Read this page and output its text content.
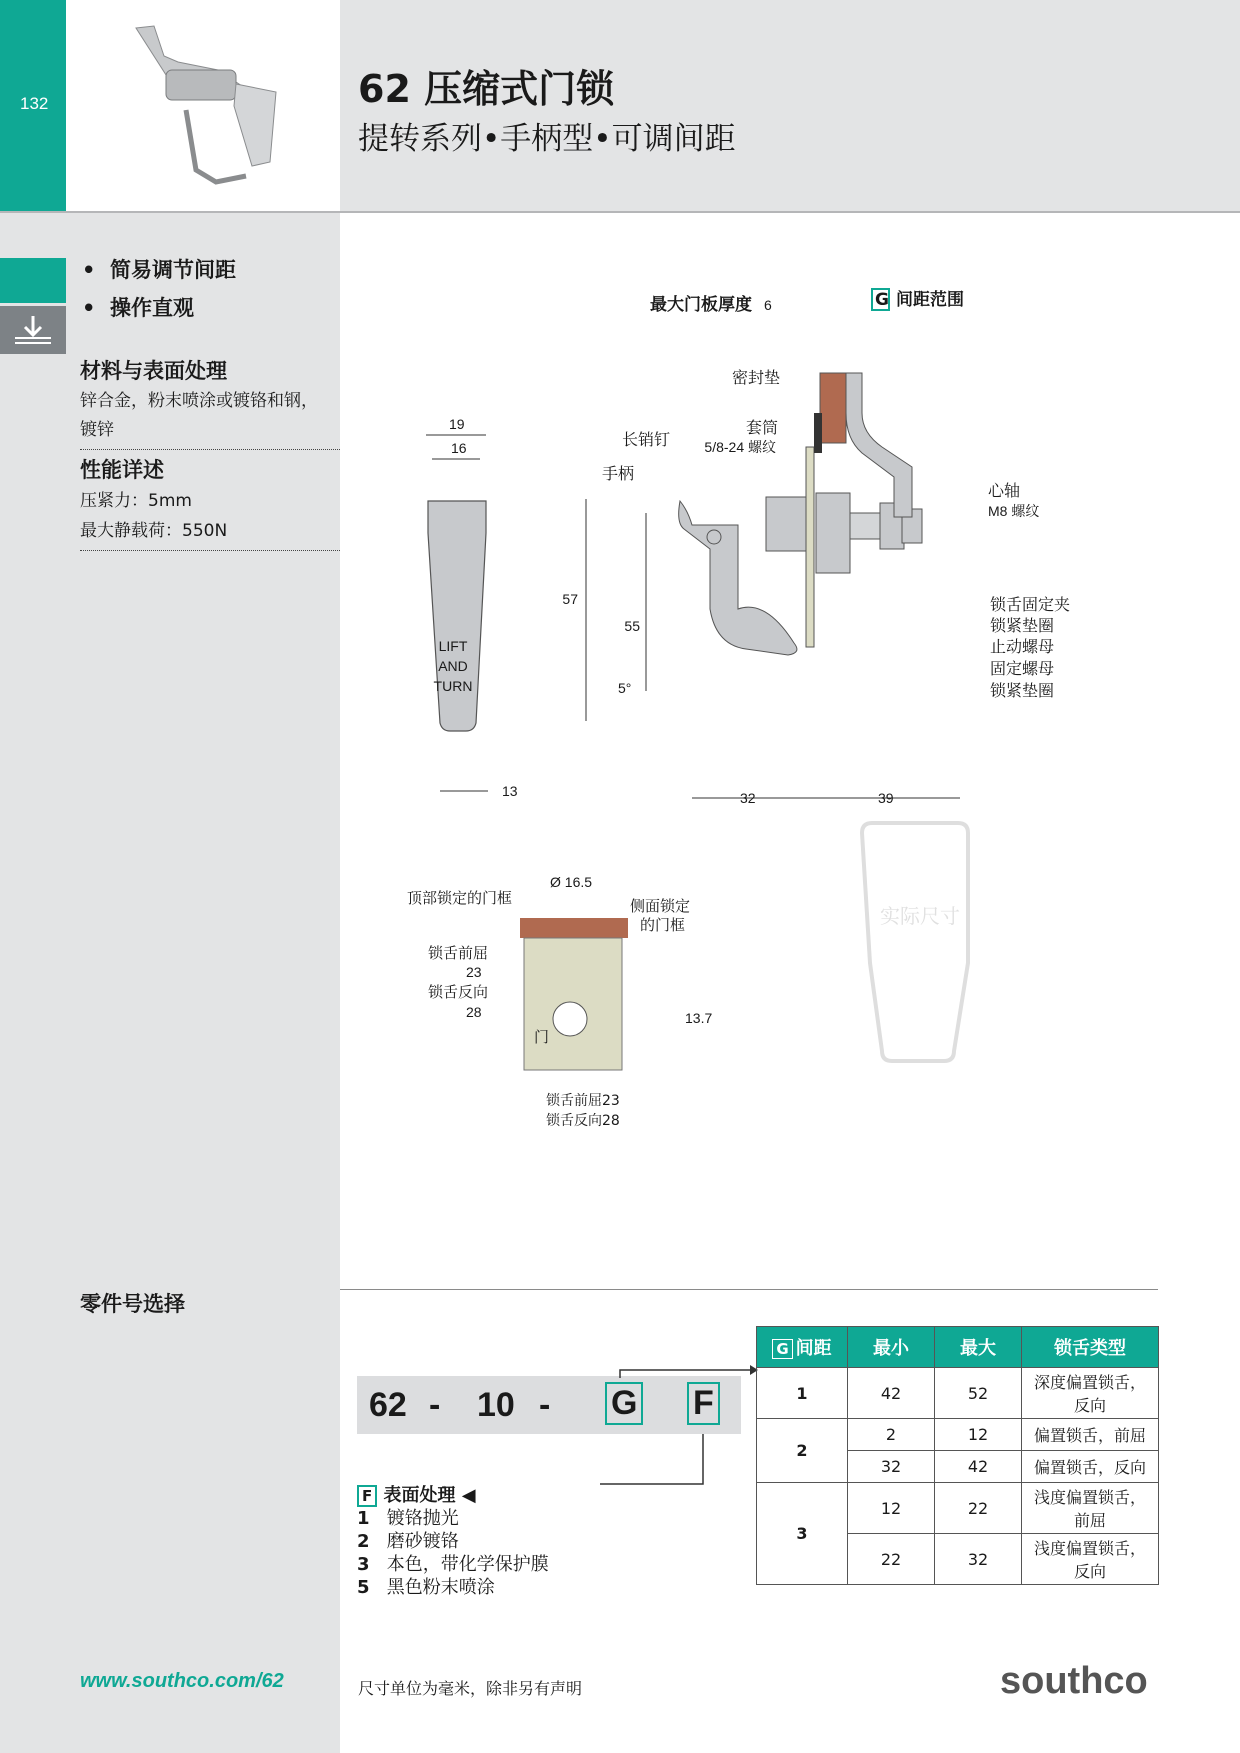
132	62 压缩式门锁
提转系列•手柄型•可调间距
•  简易调节间距
•  操作直观
材料与表面处理
锌合金，粉末喷涂或镀铬和钢，
镀锌
性能详述
压紧力：5mm
最大静载荷：550N
19
16
LIFT
AND
TURN
13	32	39
57
55
5°
最大门板厚度 6	G 间距范围
密封垫
套筒
5/8-24 螺纹
长销钉
手柄
心轴
M8 螺纹
锁舌固定夹
锁紧垫圈
止动螺母
固定螺母
锁紧垫圈
实际尺寸
顶部锁定的门框
Ø 16.5
侧面锁定
的门框
锁舌前屈
23
锁舌反向
28
门
13.7
锁舌前屈23
锁舌反向28
零件号选择
62 - 10 - G F
F 表面处理 ◀
1 镀铬抛光
2 磨砂镀铬
3 本色，带化学保护膜
5 黑色粉末喷涂
G 间距	最小	最大	锁舌类型
1	42	52	深度偏置锁舌，
反向
2	2	12	偏置锁舌，前屈
	32	42	偏置锁舌，反向
3	12	22	浅度偏置锁舌，
前屈
	22	32	浅度偏置锁舌，
反向
www.southco.com/62	尺寸单位为毫米，除非另有声明	southco
